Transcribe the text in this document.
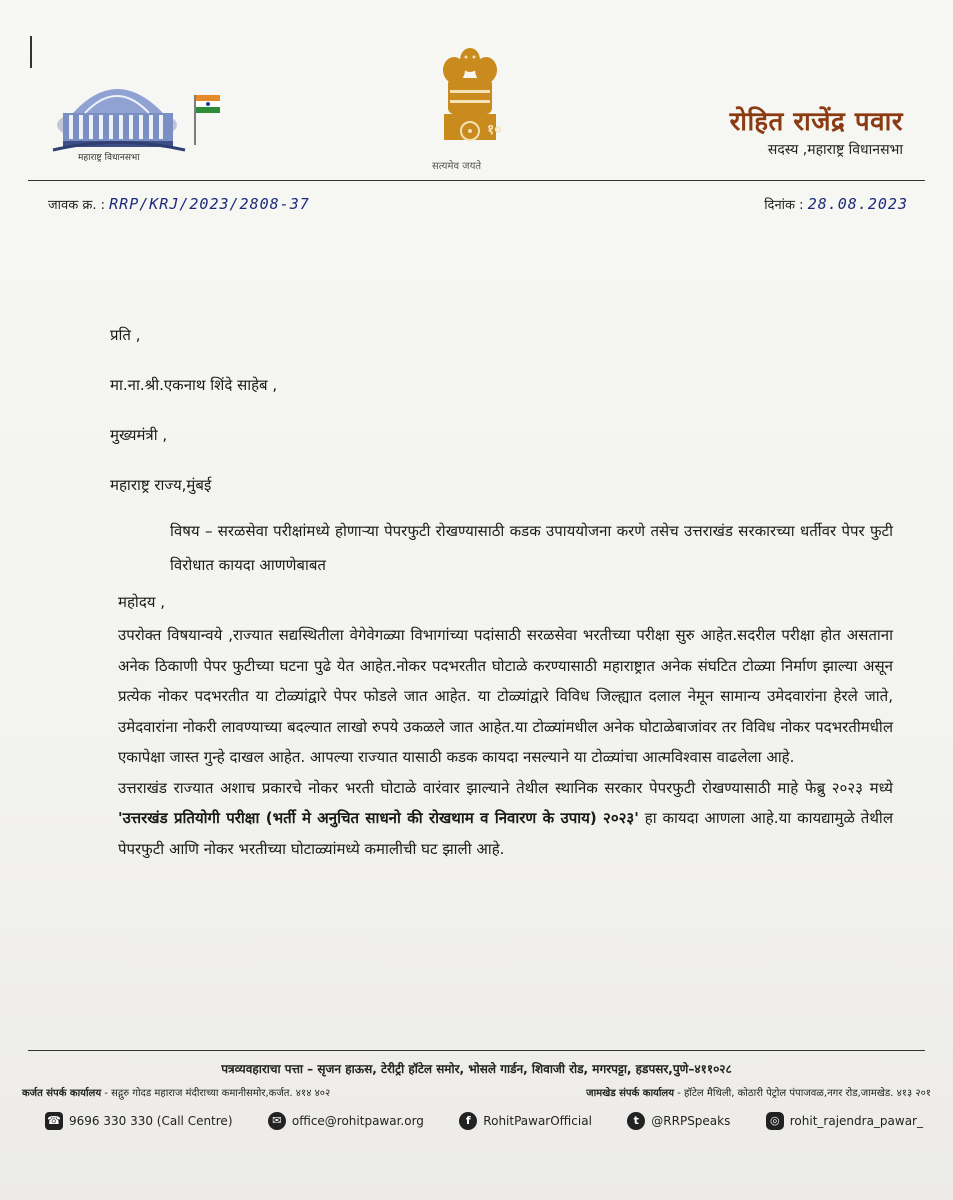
महाराष्ट्र विधानसभा
१०
सत्यमेव जयते
रोहित राजेंद्र पवार
सदस्य ,महाराष्ट्र विधानसभा
जावक क्र. : RRP/KRJ/2023/2808-37	दिनांक : 28.08.2023
प्रति ,
मा.ना.श्री.एकनाथ शिंदे साहेब ,
मुख्यमंत्री ,
महाराष्ट्र राज्य,मुंबई
विषय – सरळसेवा परीक्षांमध्ये होणाऱ्या पेपरफुटी रोखण्यासाठी कडक उपाययोजना करणे तसेच उत्तराखंड सरकारच्या धर्तीवर पेपर फुटी विरोधात कायदा आणणेबाबत
महोदय ,

उपरोक्त विषयान्वये ,राज्यात सद्यस्थितीला वेगेवेगळ्या विभागांच्या पदांसाठी सरळसेवा भरतीच्या परीक्षा सुरु आहेत.सदरील परीक्षा होत असताना अनेक ठिकाणी पेपर फुटीच्या घटना पुढे येत आहेत.नोकर पदभरतीत घोटाळे करण्यासाठी महाराष्ट्रात अनेक संघटित टोळ्या निर्माण झाल्या असून प्रत्येक नोकर पदभरतीत या टोळ्यांद्वारे पेपर फोडले जात आहेत. या टोळ्यांद्वारे विविध जिल्ह्यात दलाल नेमून सामान्य उमेदवारांना हेरले जाते, उमेदवारांना नोकरी लावण्याच्या बदल्यात लाखो रुपये उकळले जात आहेत.या टोळ्यांमधील अनेक घोटाळेबाजांवर तर विविध नोकर पदभरतीमधील एकापेक्षा जास्त गुन्हे दाखल आहेत. आपल्या राज्यात यासाठी कडक कायदा नसल्याने या टोळ्यांचा आत्मविश्वास वाढलेला आहे.

उत्तराखंड राज्यात अशाच प्रकारचे नोकर भरती घोटाळे वारंवार झाल्याने तेथील स्थानिक सरकार पेपरफुटी रोखण्यासाठी माहे फेब्रु २०२३ मध्ये 'उत्तरखंड प्रतियोगी परीक्षा (भर्ती मे अनुचित साधनो की रोखथाम व निवारण के उपाय) २०२३' हा कायदा आणला आहे.या कायद्यामुळे तेथील पेपरफुटी आणि नोकर भरतीच्या घोटाळ्यांमध्ये कमालीची घट झाली आहे.

पत्रव्यवहाराचा पत्ता – सृजन हाऊस, टेरीट्री हॉटेल समोर, भोसले गार्डन, शिवाजी रोड, मगरपट्टा, हडपसर,पुणे–४११०२८
कर्जत संपर्क कार्यालय - सद्गुरु गोदड महाराज मंदीराच्या कमानीसमोर,कर्जत. ४१४ ४०२	जामखेड संपर्क कार्यालय - हॉटेल मैथिली, कोठारी पेट्रोल पंपाजवळ,नगर रोड,जामखेड. ४१३ २०१
☎ 9696 330 330 (Call Centre)	✉ office@rohitpawar.org	f	RohitPawarOfficial	t	@RRPSpeaks	◎ rohit_rajendra_pawar_
